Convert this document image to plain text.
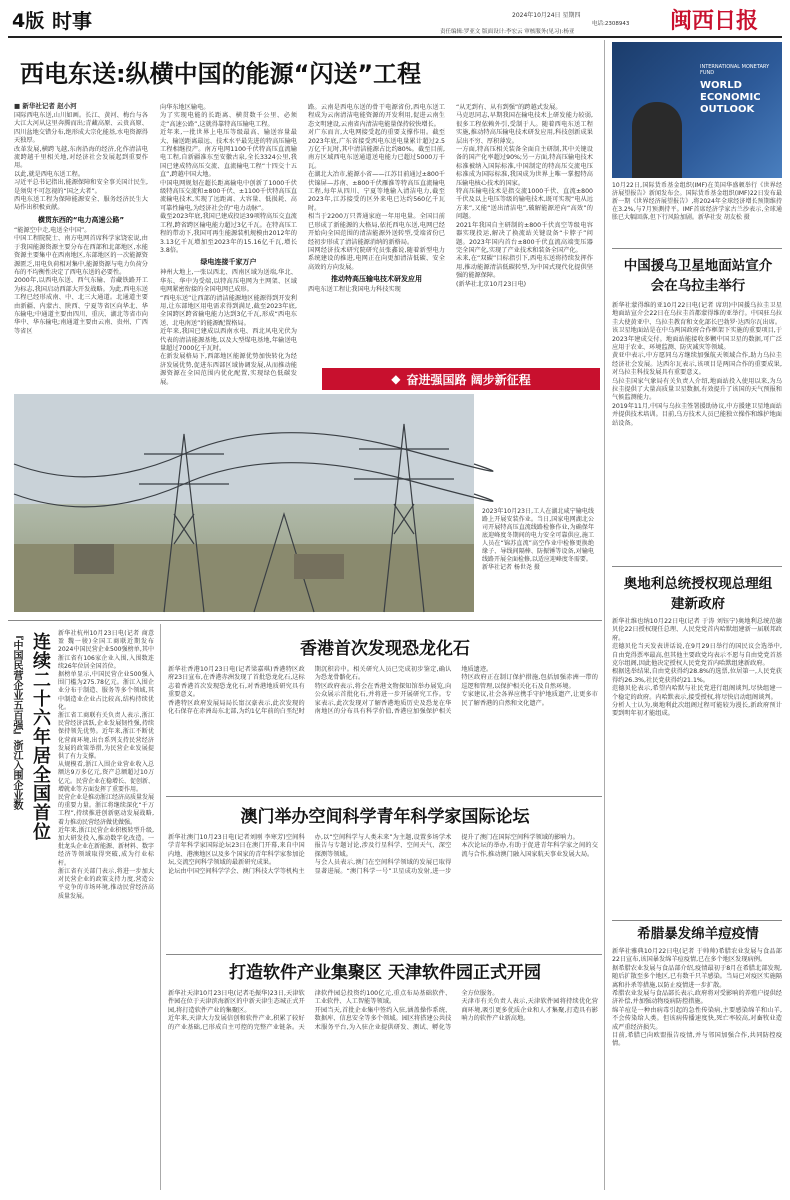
4版 时事	2024年10月24日 星期四
电话:2308943
责任编辑:罗亚文 版面设计:李宏云 审核服务(见习):杨亚	闽西日报
西电东送:纵横中国的能源“闪送”工程
■ 新华社记者 赵小河
国际西电东送,山川如画。长江、黄河、梅台与各大江大河从这里奔腾而出;青藏高原、云贵高原、四川盆地交错分布,绝形成大宗化能基,水电资源得天独厚。
改革发展,横跨飞越,东南沿海的经济,化作清洁电流跨越千里相关地,对经济社会发展起到重要作用。
以此,就是西电东送工程。
习近平总书记指出,能源保障和安全事关国计民生,是须臾不可忽视的“国之大者”。
西电东送工程为保障能源安全、服务经济民生大局作出积极贡献。
横贯东西的“电力高速公路”
“能源空中走,电送全中国”。
中国工程院院士、南方电网首席科学家饶宏说,由于我国能源资源主要分布在西部和北部地区,水能资源主要集中在西南地区,东部地区的一次能源资源匮乏,用电负荷相对集中,能源资源与电力负荷分布的不均衡性决定了西电东送的必要性。
2000年,以西电东送、西气东输、青藏铁路开工为标志,我国启动西部大开发战略。为此,西电东送工程已经形成南、中、北三大通道。北通道主要由新疆、内蒙古、陕西、宁夏等省区向华北、华东输电;中通道主要由四川、重庆、湖北等省市向华中、华东输电;南通道主要由云南、贵州、广西等省区
向华东地区输电。
为了实现电能的长距离、横贯数千公里、必须走“高速公路”,这就得靠特高压输电工程。
近年来,一批世界上电压等级最高、输送容量最大、输送距离最远、技术水平最先进的特高压输电工程相继投产。南方电网1100千伏特高压直流输电工程,自新疆准东至安徽古泉,全长3324公里,我国已建成特高压交流、直流输电工程“十四交十五直”,跨越中国大地。
中国电网规划在超长距离输电中创新了1000千伏级特高压交流和±800千伏、±1100千伏特高压直流输电技术,实现了远距离、大容量、低损耗、高可靠性输电,为经济社会的“电力动脉”。
截至2023年底,我国已建成投运39项特高压交直流工程,跨省跨区输电能力超过3亿千瓦。在特高压工程的带动下,我国可再生能源装机规模由2012年的3.13亿千瓦增加至2023年的15.16亿千瓦,增长3.8倍。
绿电连接千家万户
神州大地上,一张以西北、西南区域为送端,华北、华东、华中为受端,以特高压电网为主网架、区域电网紧密衔接的全国电网已成形。
“西电东送”让西部的清洁能源地区能源得到开发利用,让东部地区用电需求得到满足,截至2023年底,全国跨区跨省输电能力达到3亿千瓦,形成“西电东送、北电南送”的能源配置格局。
近年来,我国已建成以西南水电、西北风电光伏为代表的清洁能源基地,以及大型煤电基地,年输送电量超过7000亿千瓦时。
在新发展格局下,西部地区能源优势加快转化为经济发展优势,促进东西部区域协调发展,从而推动能源资源在全国范围内优化配置,实现绿色低碳发展。
路。云南是西电东送的骨干电源省份,西电东送工程成为云南清洁电能资源的开发利用,促进云南生态文明建设,云南省内清洁电能量保持较快增长。
对广东而言,大电网接受起的重要支撑作用。截至2023年底,广东省接受西电东送电量累计超过2.5万亿千瓦时,其中清洁能源占比约80%。截至目前,南方区域西电东送通道送电能力已超过5000万千瓦。
在湖北大冶市,能源小省——江苏目前通过±800千伏锦屏—苏南、±800千伏雁淮等特高压直流输电工程,每年从四川、宁夏等地输入清洁电力,截至2023年,江苏接受的区外来电已达约560亿千瓦时。
相当于2200万只普通家庭一年用电量。全国目前已形成了新能源的大格局,依托西电东送,电网已经开始向全国范围的清洁能源外送转型,受端省份已经初步形成了清洁能源消纳的新格局。
国网经济技术研究院研究员张鑫说,随着新型电力系统建设的推进,电网正在向更加清洁低碳、安全高效的方向发展。
推动特高压输电技术研发应用
西电东送工程让我国电力科技实现
“从无到有、从有到强”的跨越式发展。
马克思同志,早期我国在输电技术上研发能力较弱,很多工程依赖外引,受制于人。随着西电东送工程实施,推动特高压输电技术研发应用,科技创新成果层出不穷、厚积薄发。
一方面,特高压相关装备全面自主研制,其中关键设备的国产化率超过90%;另一方面,特高压输电技术标准被纳入国际标准,中国制定的特高压交流电压标准成为国际标准,我国成为世界上唯一掌握特高压输电核心技术的国家。
特高压输电技术是指交流1000千伏、直流±800千伏及以上电压等级的输电技术,既可实现“电从远方来”,又能“送出清洁电”,破解能源逆向“高效”的问题。
2021年我国自主研制的±800千伏真空等级电容器实现投运,解决了换流站关键设备“卡脖子”问题。2023年国内首台±800千伏直流高端变压器完全国产化,实现了产业技术和装备全国产化。
未来,在“双碳”目标指引下,西电东送将持续发挥作用,推动能源清洁低碳转型,为中国式现代化提供坚强的能源保障。
(新华社北京10月23日电)
◆ 奋进强国路 阔步新征程
2023年10月23日,工人在湖北咸宁输电线路上开展安装作业。当日,国家电网湖北公司开展特高压直流线路检修作业,为确保年底迎峰度冬期间的电力安全可靠供应,施工人员在“锦苏直流”高空作业中检修更换绝缘子、导线间隔棒、防振锤等设备,对输电线路开展全面检修,以适应迎峰度冬需要。
新华社记者 杨世尧 摄
INTERNATIONAL MONETARY FUND
WORLD ECONOMIC OUTLOOK
10月22日,国际货币基金组织(IMF)在美国华盛顿举行《世界经济展望报告》新闻发布会。国际货币基金组织(IMF)22日发布最新一期《世界经济展望报告》,将2024年全球经济增长预期维持在3.2%,与7月预测持平。IMF首席经济学家古兰沙表示,全球通胀已大幅回落,但下行风险加剧。新华社发 胡友松 摄
中国援乌卫星地面站宣介会在乌拉圭举行
新华社蒙得维的亚10月22日电(记者 席玥)中国援乌拉圭卫星地面站宣介会22日在乌拉圭首都蒙得维的亚举行。中国驻乌拉圭大使黄亚中、乌拉圭教育和文化部长巴勃罗·达西尔瓦出席。
该卫星地面站是在中乌两国政府合作框架下实施的重要项目,于2023年建成交付。地面站能接收多颗中国卫星的数据,可广泛应用于农业、环境监测、防灾减灾等领域。
黄亚中表示,中方愿同乌方继续加强航天领域合作,助力乌拉圭经济社会发展。达西尔瓦表示,该项目是两国合作的重要成果,对乌拉圭科技发展具有重要意义。
乌拉圭国家气象局有关负责人介绍,地面站投入使用以来,为乌拉圭提供了大量高质量卫星数据,有效提升了该国的天气预报和气候监测能力。
2019年11月,中国与乌拉圭签署援助协议,中方援建卫星地面站并提供技术培训。目前,乌方技术人员已能独立操作和维护地面站设备。
奥地利总统授权现总理组建新政府
新华社维也纳10月22日电(记者 于涛 刘钰宁)奥地利总统范德贝伦22日授权现任总理、人民党党首内哈默组建新一届联邦政府。
范德贝伦当天发表讲话说,在9月29日举行的国民议会选举中,自由党得票率最高,但其他主要政党均表示不愿与自由党党首基克尔组阁,因此他决定授权人民党党首内哈默组建新政府。
根据选举结果,自由党获得约28.8%的选票,位居第一,人民党获得约26.3%,社民党获得约21.1%。
范德贝伦表示,希望内哈默与社民党进行组阁谈判,尽快组建一个稳定的政府。内哈默表示,接受授权,将尽快启动组阁谈判。
分析人士认为,奥地利此次组阁过程可能较为漫长,新政府预计要到明年初才能组成。
希腊暴发绵羊痘疫情
新华社雅典10月22日电(记者 于帅帅)希腊农业发展与食品部22日宣布,该国暴发绵羊痘疫情,已在多个地区发现病例。
据希腊农业发展与食品部介绍,疫情最初于8月在希腊北部发现,随后扩散至多个地区,已有数千只羊感染。当局已对疫区实施隔离和扑杀等措施,以防止疫情进一步扩散。
希腊农业发展与食品部长表示,政府将对受影响的养殖户提供经济补偿,并加强动物疫病防控措施。
绵羊痘是一种由病毒引起的急性传染病,主要感染绵羊和山羊,不会传染给人类。但该病传播速度快,死亡率较高,对畜牧业造成严重经济损失。
目前,希腊已向欧盟报告疫情,并与邻国加强合作,共同防控疫情。
『中国民营企业五百强』浙江入围企业数 连续二十六年居全国首位 新华社杭州10月23日电(记者 商意盈 魏一骏)全国工商联近期发布2024中国民营企业500强榜单,其中浙江省有106家企业入围,入围数连续26年位居全国首位。
据榜单显示,中国民营企业500强入围门槛为275.78亿元。浙江入围企业分布于制造、服务等多个领域,其中制造业企业占比较高,结构持续优化。
浙江省工商联有关负责人表示,浙江民营经济活跃,企业发展韧性强,持续保持领先优势。近年来,浙江不断优化营商环境,出台系列支持民营经济发展的政策举措,为民营企业发展提供了有力支撑。
从规模看,浙江入围企业营业收入总额达9万多亿元,资产总额超过10万亿元。民营企业在稳增长、促创新、增就业等方面发挥了重要作用。
民营企业是推动浙江经济高质量发展的重要力量。浙江将继续深化“千万工程”,持续推进创新驱动发展战略,着力推动民营经济做优做强。
近年来,浙江民营企业积极转型升级,加大研发投入,推动数字化改造。一批龙头企业在新能源、新材料、数字经济等领域取得突破,成为行业标杆。
浙江省有关部门表示,将进一步加大对民营企业的政策支持力度,营造公平竞争的市场环境,推动民营经济高质量发展。
香港首次发现恐龙化石
新华社香港10月23日电(记者梁嘉琪)香港特区政府23日宣布,在香港赤洲发现了首批恐龙化石,这标志着香港首次发现恐龙化石,对香港地质研究具有重要意义。
香港特区政府发展局局长甯汉豪表示,此次发现的化石保存在赤洲岛东北部,为约1亿年前的白垩纪时期沉积岩中。相关研究人员已完成初步鉴定,确认为恐龙骨骼化石。
特区政府表示,将会在香港文物探知馆举办展览,向公众展示首批化石,并将进一步开展研究工作。专家表示,此次发现对了解香港地质历史及恐龙在华南地区的分布具有科学价值,香港应加强保护相关地质遗迹。
特区政府正在制订保护措施,包括加强赤洲一带的巡逻和管理,以保护相关化石及自然环境。
专家建议,社会各界应携手守护地质遗产,让更多市民了解香港的自然和文化遗产。
澳门举办空间科学青年科学家国际论坛
新华社澳门10月23日电(记者刘刚 李寒芳)空间科学青年科学家国际论坛23日在澳门开幕,来自中国内地、港澳地区以及多个国家的青年科学家参加论坛,交流空间科学领域的最新研究成果。
论坛由中国空间科学学会、澳门科技大学等机构主办,以“空间科学与人类未来”为主题,设置多场学术报告与专题讨论,涉及行星科学、空间天气、深空探测等领域。
与会人员表示,澳门在空间科学领域的发展已取得显著进展。“澳门科学一号”卫星成功发射,进一步提升了澳门在国际空间科学领域的影响力。
本次论坛的举办,有助于促进青年科学家之间的交流与合作,推动澳门融入国家航天事业发展大局。
打造软件产业集聚区 天津软件园正式开园
新华社天津10月23日电(记者毛振华)23日,天津软件园在位于天津滨海新区的中新天津生态城正式开园,将打造软件产业的集聚区。
近年来,天津大力发展信创和软件产业,积累了较好的产业基础,已形成自主可控的完整产业链条。天津软件园总投资约100亿元,重点布局基础软件、工业软件、人工智能等领域。
开园当天,首批企业集中签约入驻,涵盖操作系统、数据库、信息安全等多个领域。园区将搭建公共技术服务平台,为入驻企业提供研发、测试、孵化等全方位服务。
天津市有关负责人表示,天津软件园将持续优化营商环境,吸引更多优质企业和人才集聚,打造具有影响力的软件产业新高地。
